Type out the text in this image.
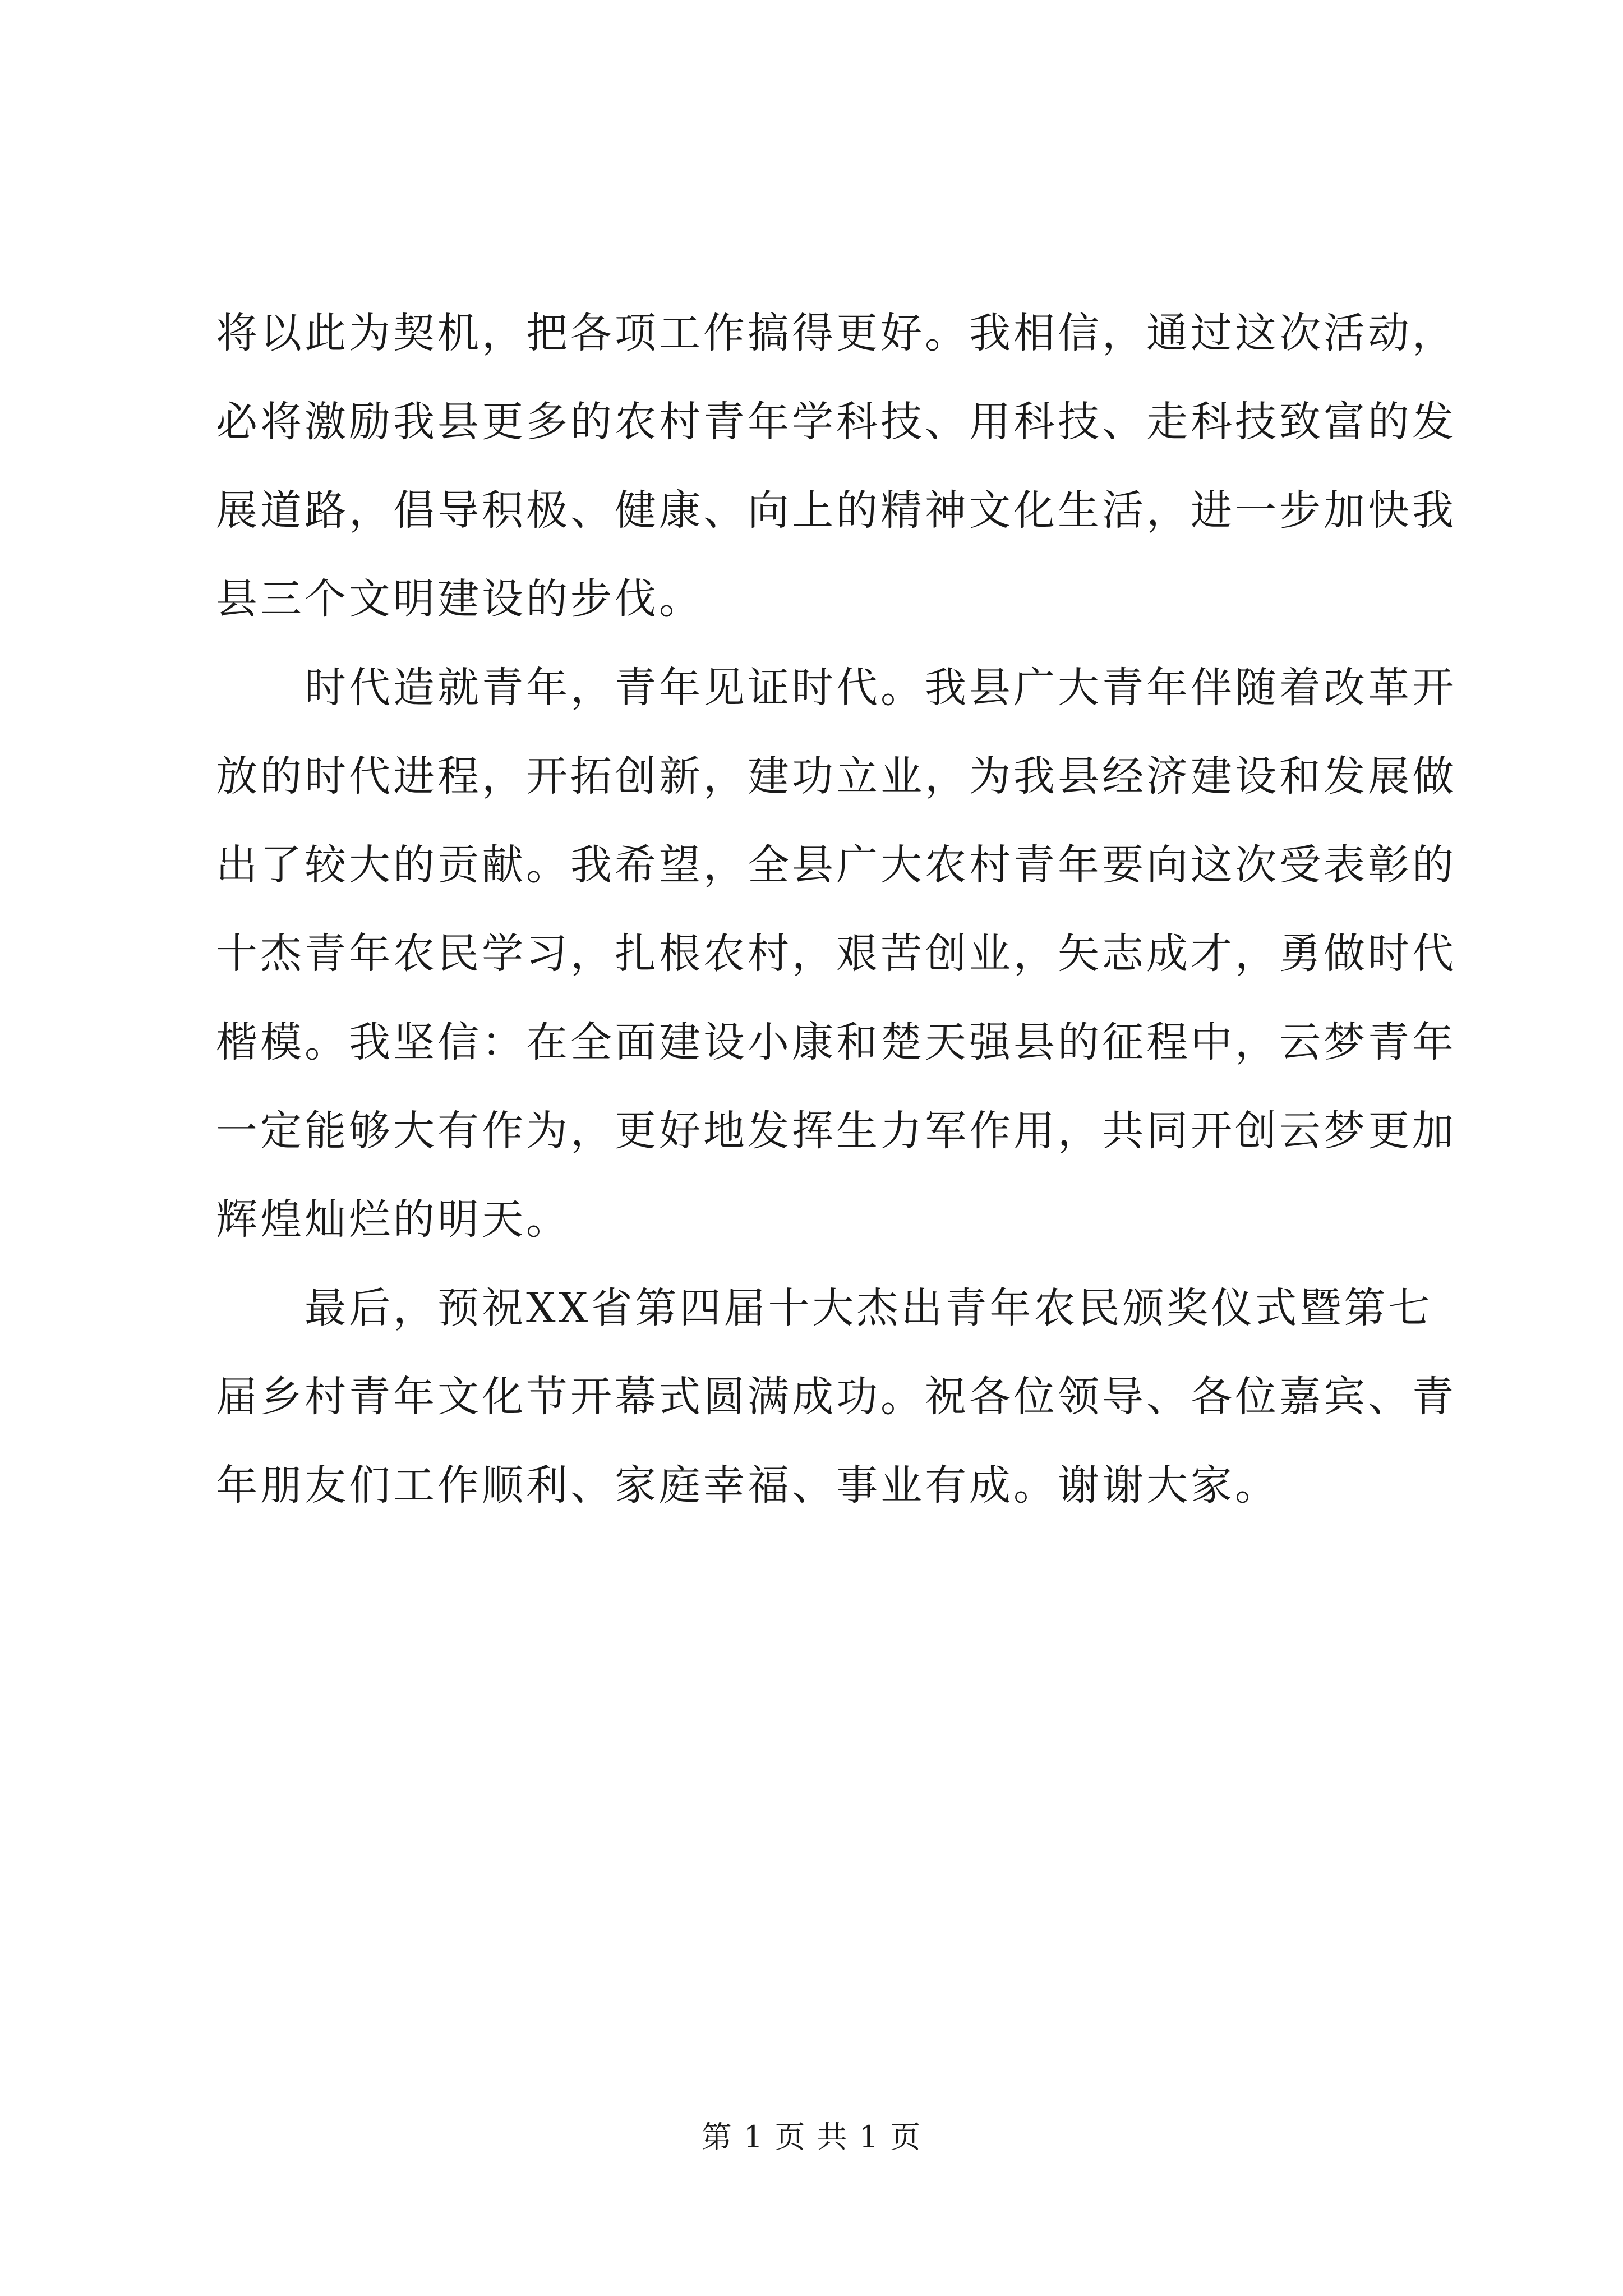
将以此为契机，把各项工作搞得更好。我相信，通过这次活动，
必将激励我县更多的农村青年学科技、用科技、走科技致富的发
展道路，倡导积极、健康、向上的精神文化生活，进一步加快我
县三个文明建设的步伐。
　　时代造就青年，青年见证时代。我县广大青年伴随着改革开
放的时代进程，开拓创新，建功立业，为我县经济建设和发展做
出了较大的贡献。我希望，全县广大农村青年要向这次受表彰的
十杰青年农民学习，扎根农村，艰苦创业，矢志成才，勇做时代
楷模。我坚信：在全面建设小康和楚天强县的征程中，云梦青年
一定能够大有作为，更好地发挥生力军作用，共同开创云梦更加
辉煌灿烂的明天。
　　最后，预祝XX省第四届十大杰出青年农民颁奖仪式暨第七
届乡村青年文化节开幕式圆满成功。祝各位领导、各位嘉宾、青
年朋友们工作顺利、家庭幸福、事业有成。谢谢大家。
第 1 页 共 1 页
